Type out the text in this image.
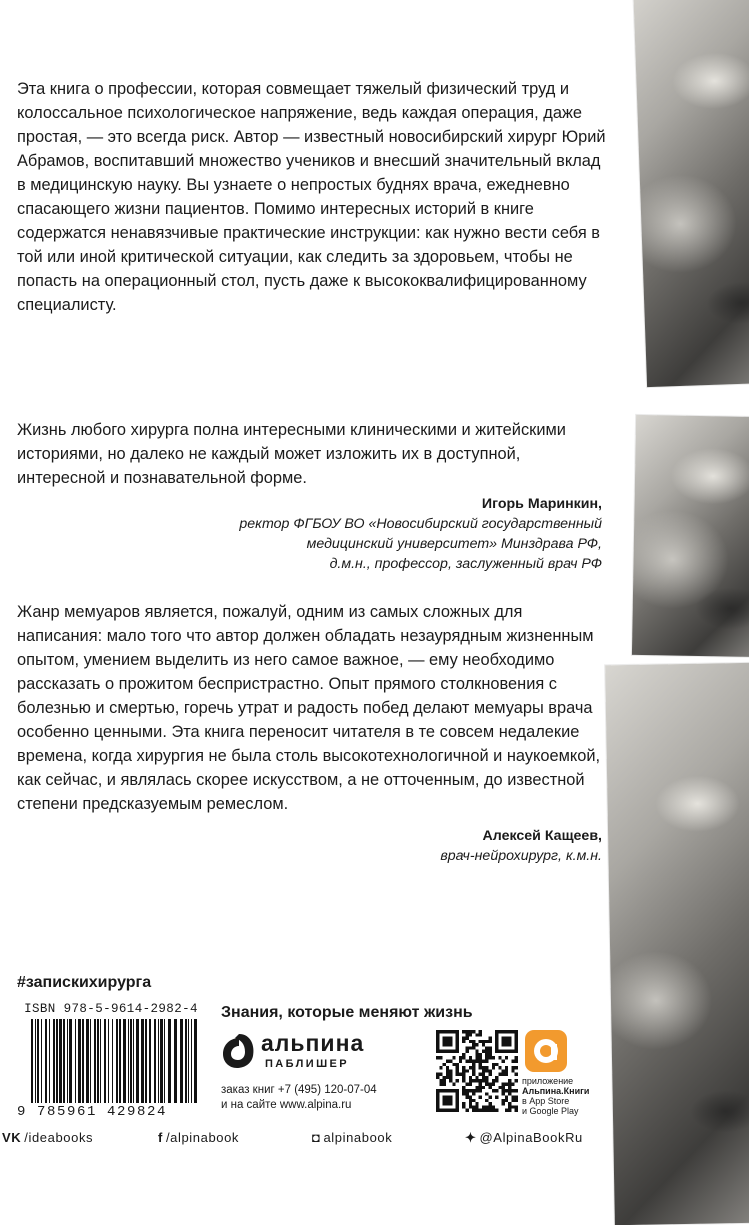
Эта книга о профессии, которая совмещает тяжелый физический труд и колоссальное психологическое напряжение, ведь каждая операция, даже простая, — это всегда риск. Автор — известный новосибирский хирург Юрий Абрамов, воспитавший множество учеников и внесший значительный вклад в медицинскую науку. Вы узнаете о непростых буднях врача, ежедневно спасающего жизни пациентов. Помимо интересных историй в книге содержатся ненавязчивые практические инструкции: как нужно вести себя в той или иной критической ситуации, как следить за здоровьем, чтобы не попасть на операционный стол, пусть даже к высококвалифицированному специалисту.

Жизнь любого хирурга полна интересными клиническими и житейскими историями, но далеко не каждый может изложить их в доступной, интересной и познавательной форме.

Игорь Маринкин,
ректор ФГБОУ ВО «Новосибирский государственный
медицинский университет» Минздрава РФ,
д.м.н., профессор, заслуженный врач РФ

Жанр мемуаров является, пожалуй, одним из самых сложных для написания: мало того что автор должен обладать незаурядным жизненным опытом, умением выделить из него самое важное, — ему необходимо рассказать о прожитом беспристрастно. Опыт прямого столкновения с болезнью и смертью, горечь утрат и радость побед делают мемуары врача особенно ценными. Эта книга переносит читателя в те совсем недалекие времена, когда хирургия не была столь высокотехнологичной и наукоемкой, как сейчас, и являлась скорее искусством, а не отточенным, до известной степени предсказуемым ремеслом.

Алексей Кащеев,
врач-нейрохирург, к.м.н.
#запискихирурга
ISBN 978-5-9614-2982-4
9 785961 429824
Знания, которые меняют жизнь
альпина
ПАБЛИШЕР
заказ книг +7 (495) 120-07-04
и на сайте www.alpina.ru
приложение
Альпина.Книги
в App Store
и Google Play
VK /ideabooks	f /alpinabook	◘ alpinabook	✦ @AlpinaBookRu
